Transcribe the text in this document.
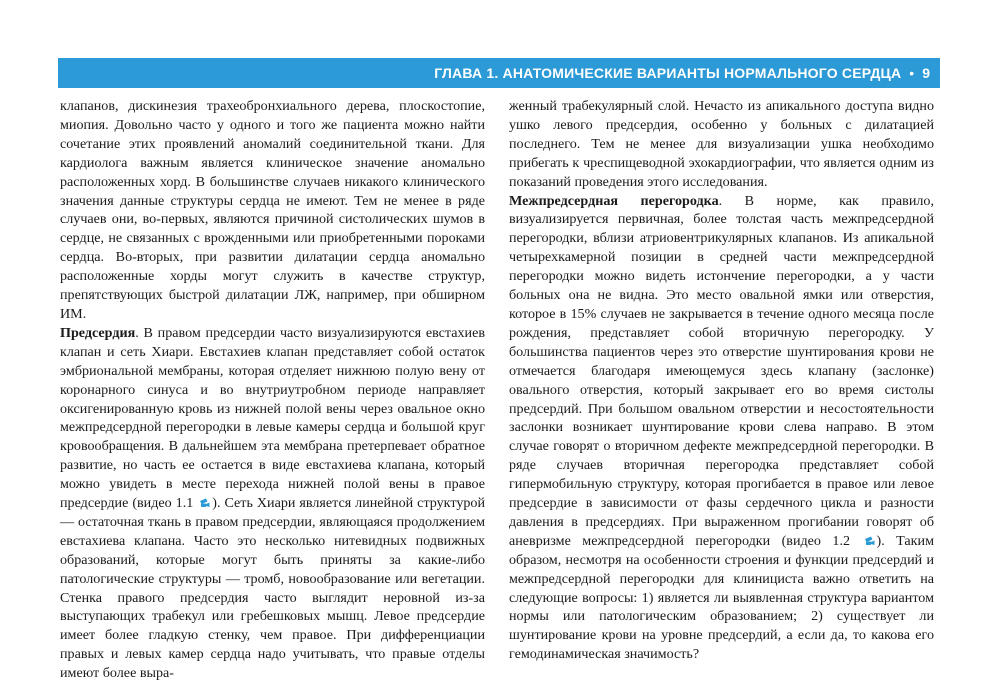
ГЛАВА 1. АНАТОМИЧЕСКИЕ ВАРИАНТЫ НОРМАЛЬНОГО СЕРДЦА • 9

клапанов, дискинезия трахеобронхиального дерева, плоскостопие, миопия. Довольно часто у одного и того же пациента можно найти сочетание этих проявлений аномалий соединительной ткани. Для кардиолога важным является клиническое значение аномально расположенных хорд. В большинстве случаев никакого клинического значения данные структуры сердца не имеют. Тем не менее в ряде случаев они, во-первых, являются причиной систолических шумов в сердце, не связанных с врожденными или приобретенными пороками сердца. Во-вторых, при развитии дилатации сердца аномально расположенные хорды могут служить в качестве структур, препятствующих быстрой дилатации ЛЖ, например, при обширном ИМ.

Предсердия. В правом предсердии часто визуализируются евстахиев клапан и сеть Хиари. Евстахиев клапан представляет собой остаток эмбриональной мембраны, которая отделяет нижнюю полую вену от коронарного синуса и во внутриутробном периоде направляет оксигенированную кровь из нижней полой вены через овальное окно межпредсердной перегородки в левые камеры сердца и большой круг кровообращения. В дальнейшем эта мембрана претерпевает обратное развитие, но часть ее остается в виде евстахиева клапана, который можно увидеть в месте перехода нижней полой вены в правое предсердие (видео 1.1 ). Сеть Хиари является линейной структурой — остаточная ткань в правом предсердии, являющаяся продолжением евстахиева клапана. Часто это несколько нитевидных подвижных образований, которые могут быть приняты за какие-либо патологические структуры — тромб, новообразование или вегетации. Стенка правого предсердия часто выглядит неровной из-за выступающих трабекул или гребешковых мышц. Левое предсердие имеет более гладкую стенку, чем правое. При дифференциации правых и левых камер сердца надо учитывать, что правые отделы имеют более выра-

женный трабекулярный слой. Нечасто из апикального доступа видно ушко левого предсердия, особенно у больных с дилатацией последнего. Тем не менее для визуализации ушка необходимо прибегать к чреспищеводной эхокардиографии, что является одним из показаний проведения этого исследования.

Межпредсердная перегородка. В норме, как правило, визуализируется первичная, более толстая часть межпредсердной перегородки, вблизи атриовентрикулярных клапанов. Из апикальной четырехкамерной позиции в средней части межпредсердной перегородки можно видеть истончение перегородки, а у части больных она не видна. Это место овальной ямки или отверстия, которое в 15% случаев не закрывается в течение одного месяца после рождения, представляет собой вторичную перегородку. У большинства пациентов через это отверстие шунтирования крови не отмечается благодаря имеющемуся здесь клапану (заслонке) овального отверстия, который закрывает его во время систолы предсердий. При большом овальном отверстии и несостоятельности заслонки возникает шунтирование крови слева направо. В этом случае говорят о вторичном дефекте межпредсердной перегородки. В ряде случаев вторичная перегородка представляет собой гипермобильную структуру, которая прогибается в правое или левое предсердие в зависимости от фазы сердечного цикла и разности давления в предсердиях. При выраженном прогибании говорят об аневризме межпредсердной перегородки (видео 1.2 ). Таким образом, несмотря на особенности строения и функции предсердий и межпредсердной перегородки для клинициста важно ответить на следующие вопросы: 1) является ли выявленная структура вариантом нормы или патологическим образованием; 2) существует ли шунтирование крови на уровне предсердий, а если да, то какова его гемодинамическая значимость?
